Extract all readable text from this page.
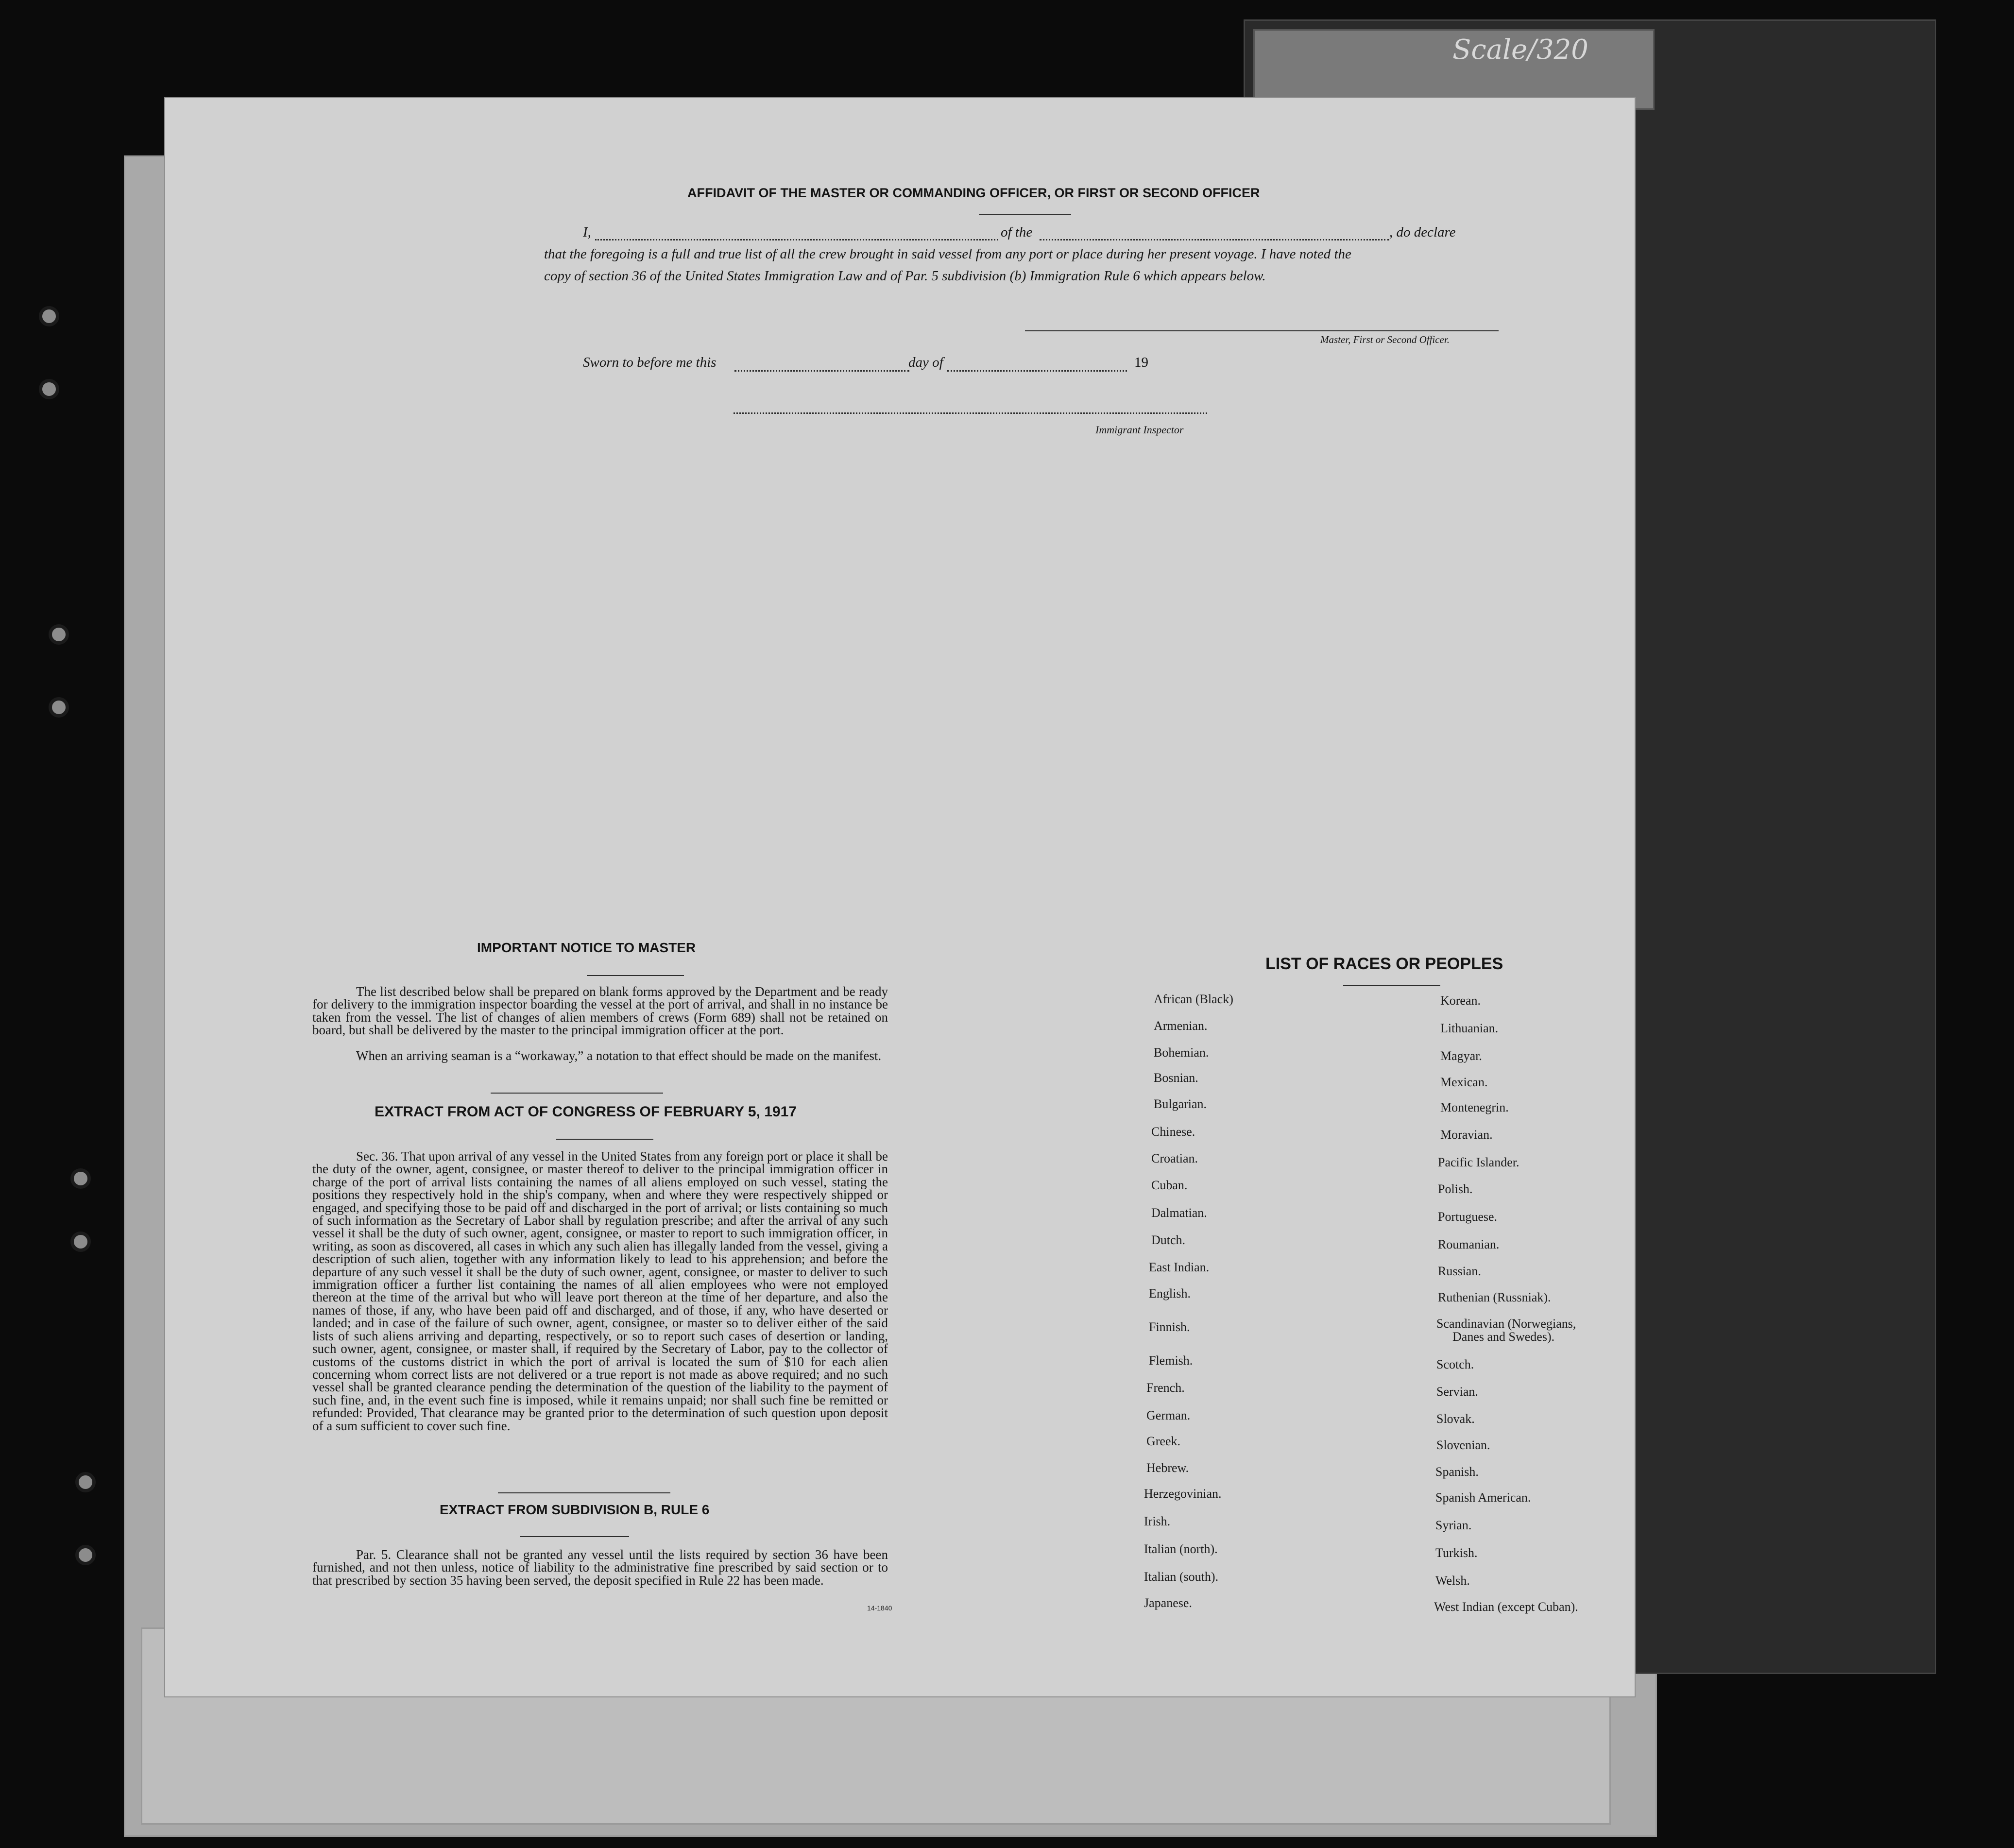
Scale/320
AFFIDAVIT OF THE MASTER OR COMMANDING OFFICER, OR FIRST OR SECOND OFFICER
I,	of the	, do declare
that the foregoing is a full and true list of all the crew brought in said vessel from any port or place during her present voyage. I have noted the
copy of section 36 of the United States Immigration Law and of Par. 5 subdivision (b) Immigration Rule 6 which appears below.
Master, First or Second Officer.
Sworn to before me this	day of	19
Immigrant Inspector
IMPORTANT NOTICE TO MASTER

The list described below shall be prepared on blank forms approved by the Department and be ready for delivery to the immigration inspector boarding the vessel at the port of arrival, and shall in no instance be taken from the vessel. The list of changes of alien members of crews (Form 689) shall not be retained on board, but shall be delivered by the master to the principal immigration officer at the port.

When an arriving seaman is a “workaway,” a notation to that effect should be made on the manifest.

EXTRACT FROM ACT OF CONGRESS OF FEBRUARY 5, 1917

Sec. 36. That upon arrival of any vessel in the United States from any foreign port or place it shall be the duty of the owner, agent, consignee, or master thereof to deliver to the principal immigration officer in charge of the port of arrival lists containing the names of all aliens employed on such vessel, stating the positions they respectively hold in the ship's company, when and where they were respectively shipped or engaged, and specifying those to be paid off and discharged in the port of arrival; or lists containing so much of such information as the Secretary of Labor shall by regulation prescribe; and after the arrival of any such vessel it shall be the duty of such owner, agent, consignee, or master to report to such immigration officer, in writing, as soon as discovered, all cases in which any such alien has illegally landed from the vessel, giving a description of such alien, together with any information likely to lead to his apprehension; and before the departure of any such vessel it shall be the duty of such owner, agent, consignee, or master to deliver to such immigration officer a further list containing the names of all alien employees who were not employed thereon at the time of the arrival but who will leave port thereon at the time of her departure, and also the names of those, if any, who have been paid off and discharged, and of those, if any, who have deserted or landed; and in case of the failure of such owner, agent, consignee, or master so to deliver either of the said lists of such aliens arriving and departing, respectively, or so to report such cases of desertion or landing, such owner, agent, consignee, or master shall, if required by the Secretary of Labor, pay to the collector of customs of the customs district in which the port of arrival is located the sum of $10 for each alien concerning whom correct lists are not delivered or a true report is not made as above required; and no such vessel shall be granted clearance pending the determination of the question of the liability to the payment of such fine, and, in the event such fine is imposed, while it remains unpaid; nor shall such fine be remitted or refunded: Provided, That clearance may be granted prior to the determination of such question upon deposit of a sum sufficient to cover such fine.

EXTRACT FROM SUBDIVISION B, RULE 6

Par. 5. Clearance shall not be granted any vessel until the lists required by section 36 have been furnished, and not then unless, notice of liability to the administrative fine prescribed by said section or to that prescribed by section 35 having been served, the deposit specified in Rule 22 has been made.

14-1840
LIST OF RACES OR PEOPLES
African (Black)
Armenian.
Bohemian.
Bosnian.
Bulgarian.
Chinese.
Croatian.
Cuban.
Dalmatian.
Dutch.
East Indian.
English.
Finnish.
Flemish.
French.
German.
Greek.
Hebrew.
Herzegovinian.
Irish.
Italian (north).
Italian (south).
Japanese.
Korean.
Lithuanian.
Magyar.
Mexican.
Montenegrin.
Moravian.
Pacific Islander.
Polish.
Portuguese.
Roumanian.
Russian.
Ruthenian (Russniak).
Scandinavian (Norwegians,
Danes and Swedes).
Scotch.
Servian.
Slovak.
Slovenian.
Spanish.
Spanish American.
Syrian.
Turkish.
Welsh.
West Indian (except Cuban).
